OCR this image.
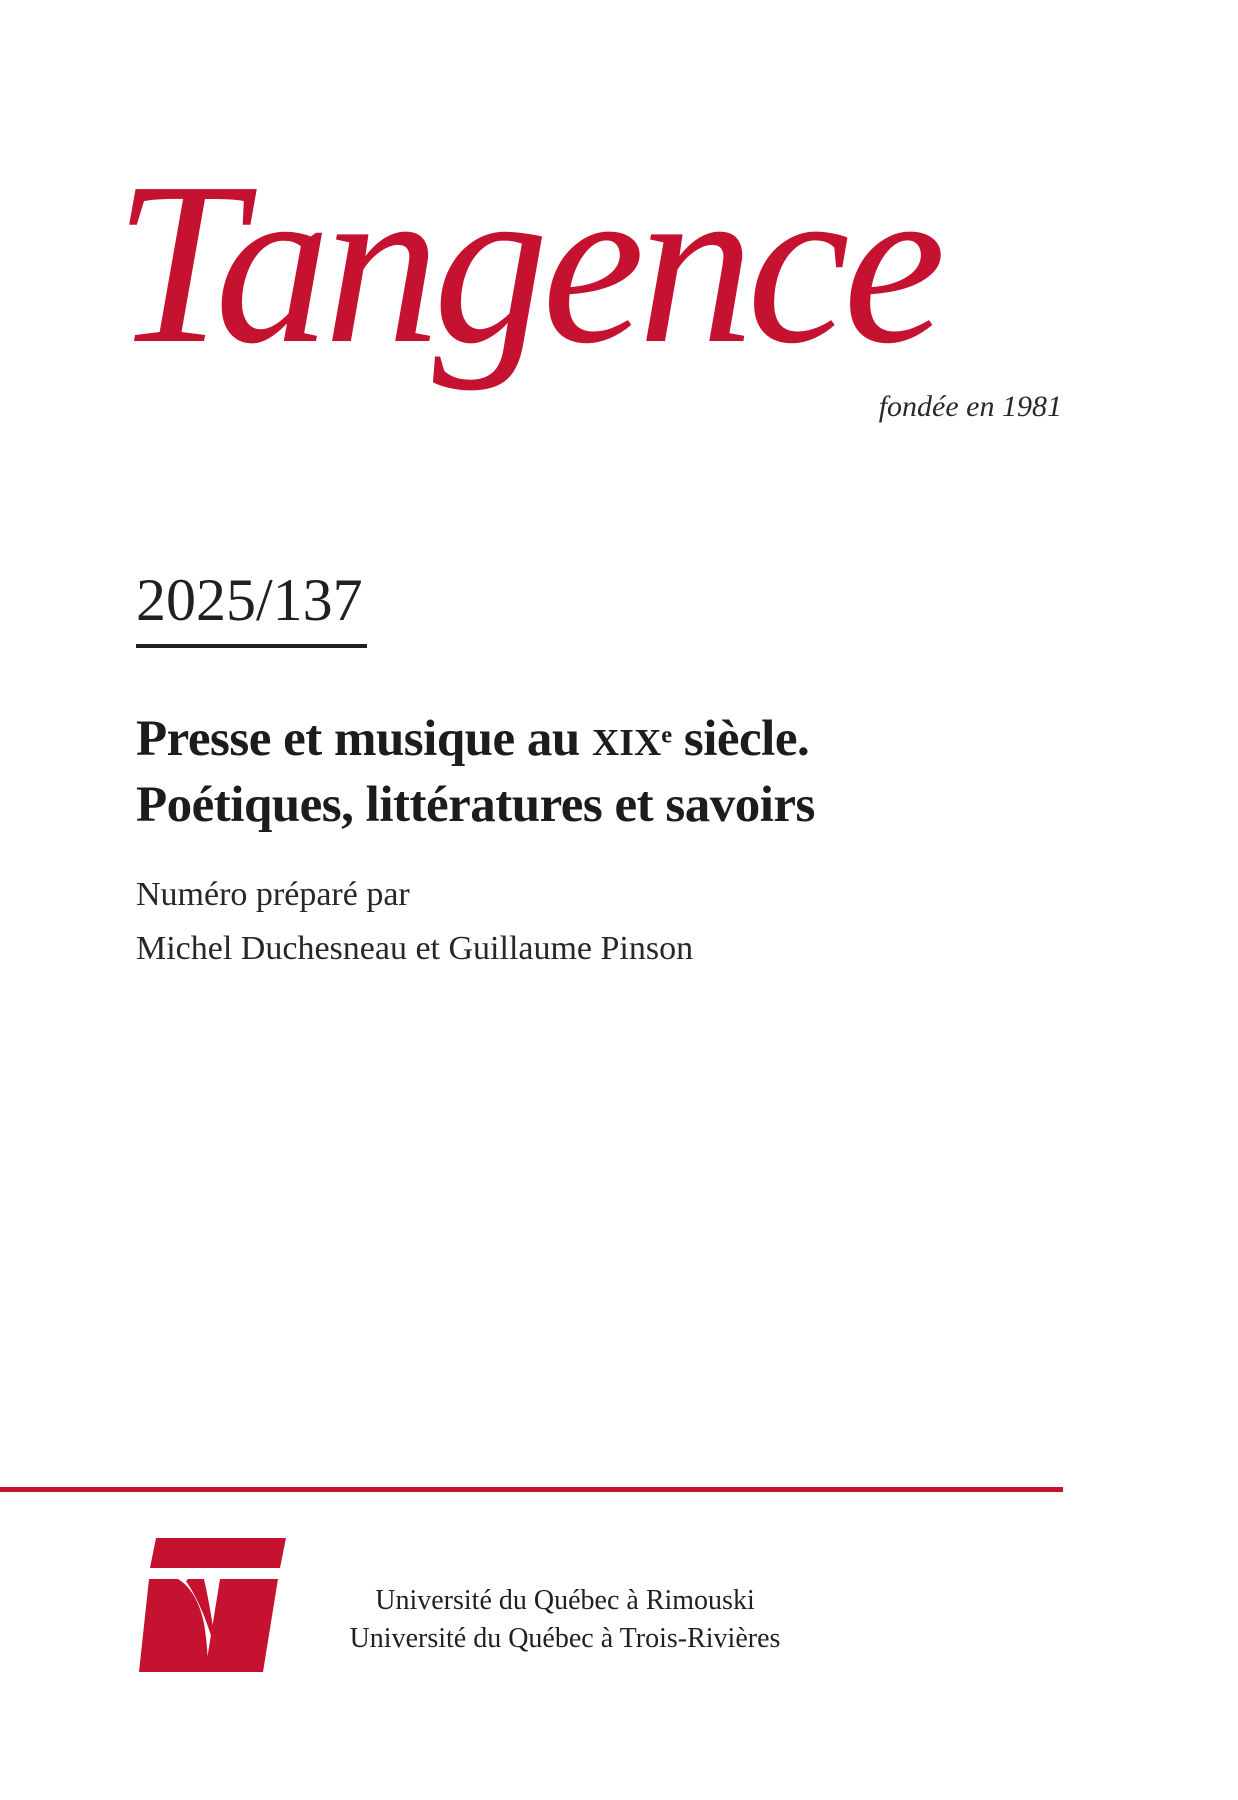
Tangence
fondée en 1981
2025/137
Presse et musique au XIXe siècle.
Poétiques, littératures et savoirs

Numéro préparé par

Michel Duchesneau et Guillaume Pinson

Université du Québec à Rimouski

Université du Québec à Trois-Rivières
